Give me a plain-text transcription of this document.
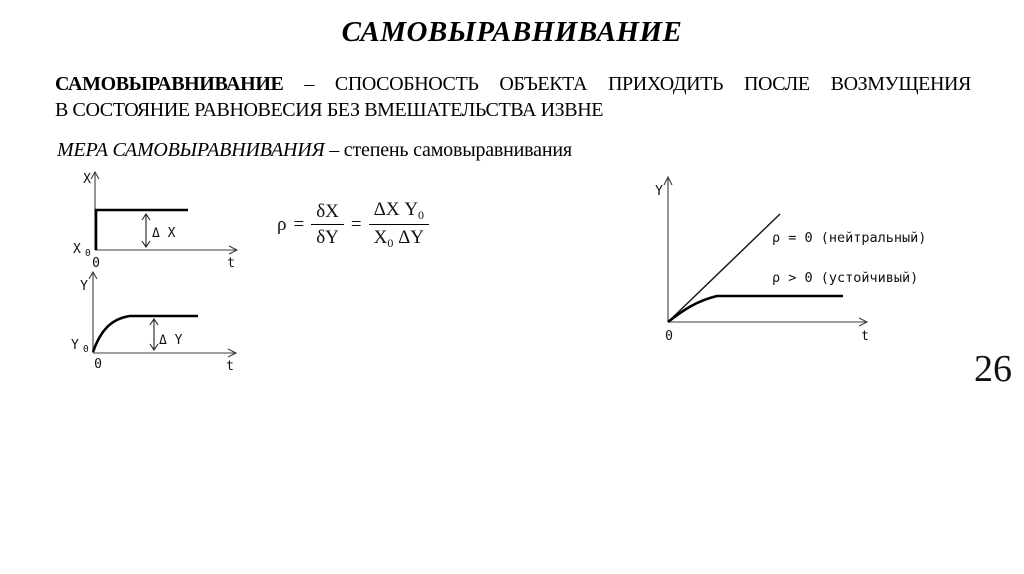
САМОВЫРАВНИВАНИЕ
САМОВЫРАВНИВАНИЕ – СПОСОБНОСТЬ ОБЪЕКТА ПРИХОДИТЬ ПОСЛЕ ВОЗМУЩЕНИЯ
В СОСТОЯНИЕ РАВНОВЕСИЯ БЕЗ ВМЕШАТЕЛЬСТВА ИЗВНЕ
МЕРА САМОВЫРАВНИВАНИЯ – степень самовыравнивания
X
X 0
0	t
Δ X
Y
Y 0
0	t
Δ Y
$\rho = \frac{\delta X}{\delta Y} = \frac{\Delta X Y_0}{X_0 \Delta Y}$
Y
0	t
ρ = 0 (нейтральный)
ρ > 0 (устойчивый)
26
